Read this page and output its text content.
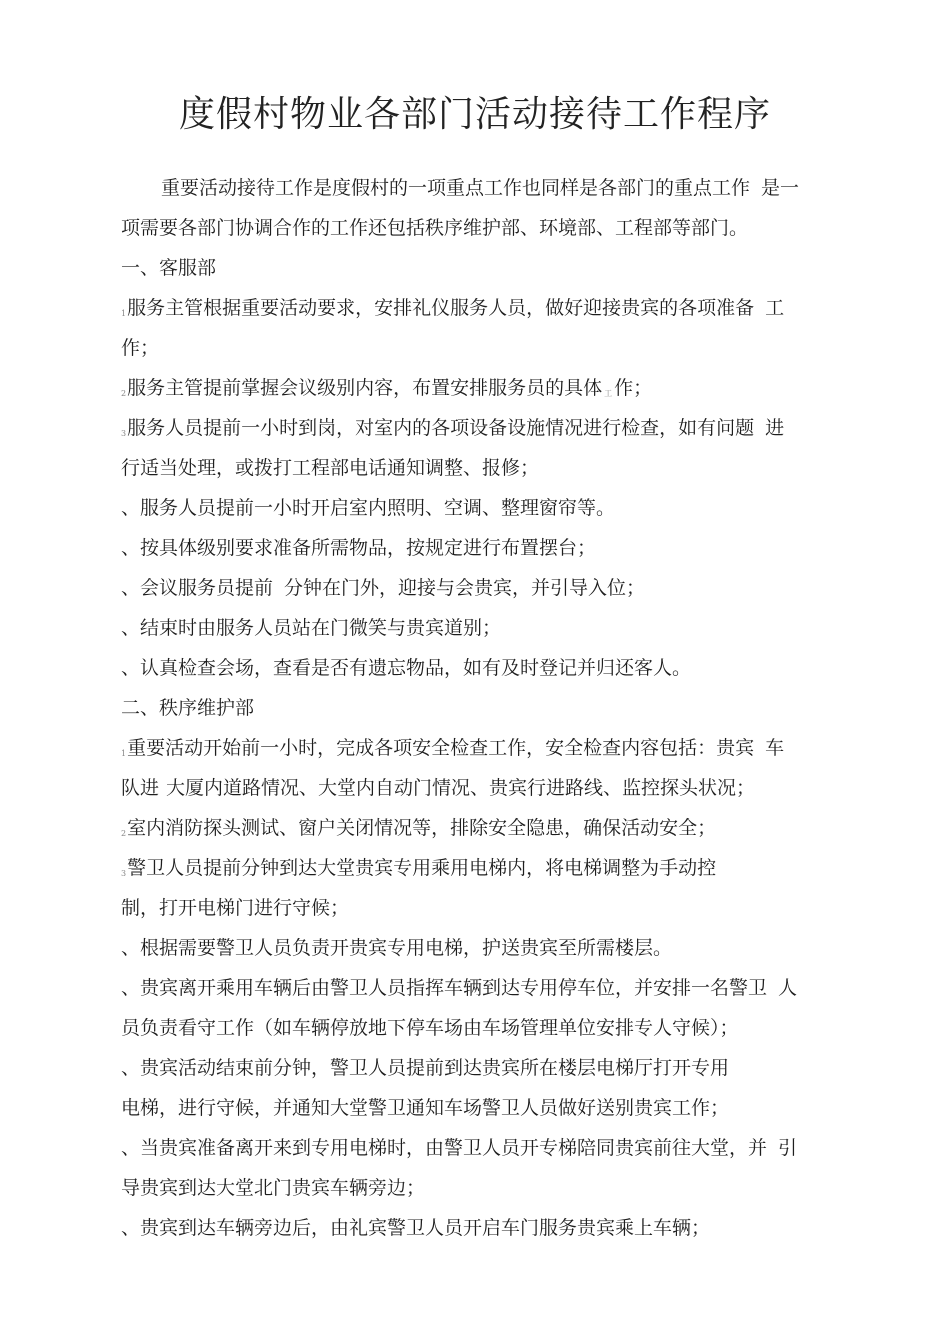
度假村物业各部门活动接待工作程序
重要活动接待工作是度假村的一项重点工作也同样是各部门的重点工作 是一
项需要各部门协调合作的工作还包括秩序维护部、环境部、工程部等部门。
一、客服部
1服务主管根据重要活动要求，安排礼仪服务人员，做好迎接贵宾的各项准备 工
作；
2服务主管提前掌握会议级别内容，布置安排服务员的具体 工 作；
3服务人员提前一小时到岗，对室内的各项设备设施情况进行检查，如有问题 进
行适当处理，或拨打工程部电话通知调整、报修；
、服务人员提前一小时开启室内照明、空调、整理窗帘等。
、按具体级别要求准备所需物品，按规定进行布置摆台；
、会议服务员提前 分钟在门外，迎接与会贵宾，并引导入位；
、结束时由服务人员站在门微笑与贵宾道别；
、认真检查会场，查看是否有遗忘物品，如有及时登记并归还客人。
二、秩序维护部
1重要活动开始前一小时，完成各项安全检查工作，安全检查内容包括：贵宾 车
队进 大厦内道路情况、大堂内自动门情况、贵宾行进路线、监控探头状况；
2室内消防探头测试、窗户关闭情况等，排除安全隐患，确保活动安全；
3警卫人员提前分钟到达大堂贵宾专用乘用电梯内，将电梯调整为手动控
制，打开电梯门进行守候；
、根据需要警卫人员负责开贵宾专用电梯，护送贵宾至所需楼层。
、贵宾离开乘用车辆后由警卫人员指挥车辆到达专用停车位，并安排一名警卫 人
员负责看守工作（如车辆停放地下停车场由车场管理单位安排专人守候）；
、贵宾活动结束前分钟，警卫人员提前到达贵宾所在楼层电梯厅打开专用
电梯，进行守候，并通知大堂警卫通知车场警卫人员做好送别贵宾工作；
、当贵宾准备离开来到专用电梯时，由警卫人员开专梯陪同贵宾前往大堂，并 引
导贵宾到达大堂北门贵宾车辆旁边；
、贵宾到达车辆旁边后，由礼宾警卫人员开启车门服务贵宾乘上车辆；
